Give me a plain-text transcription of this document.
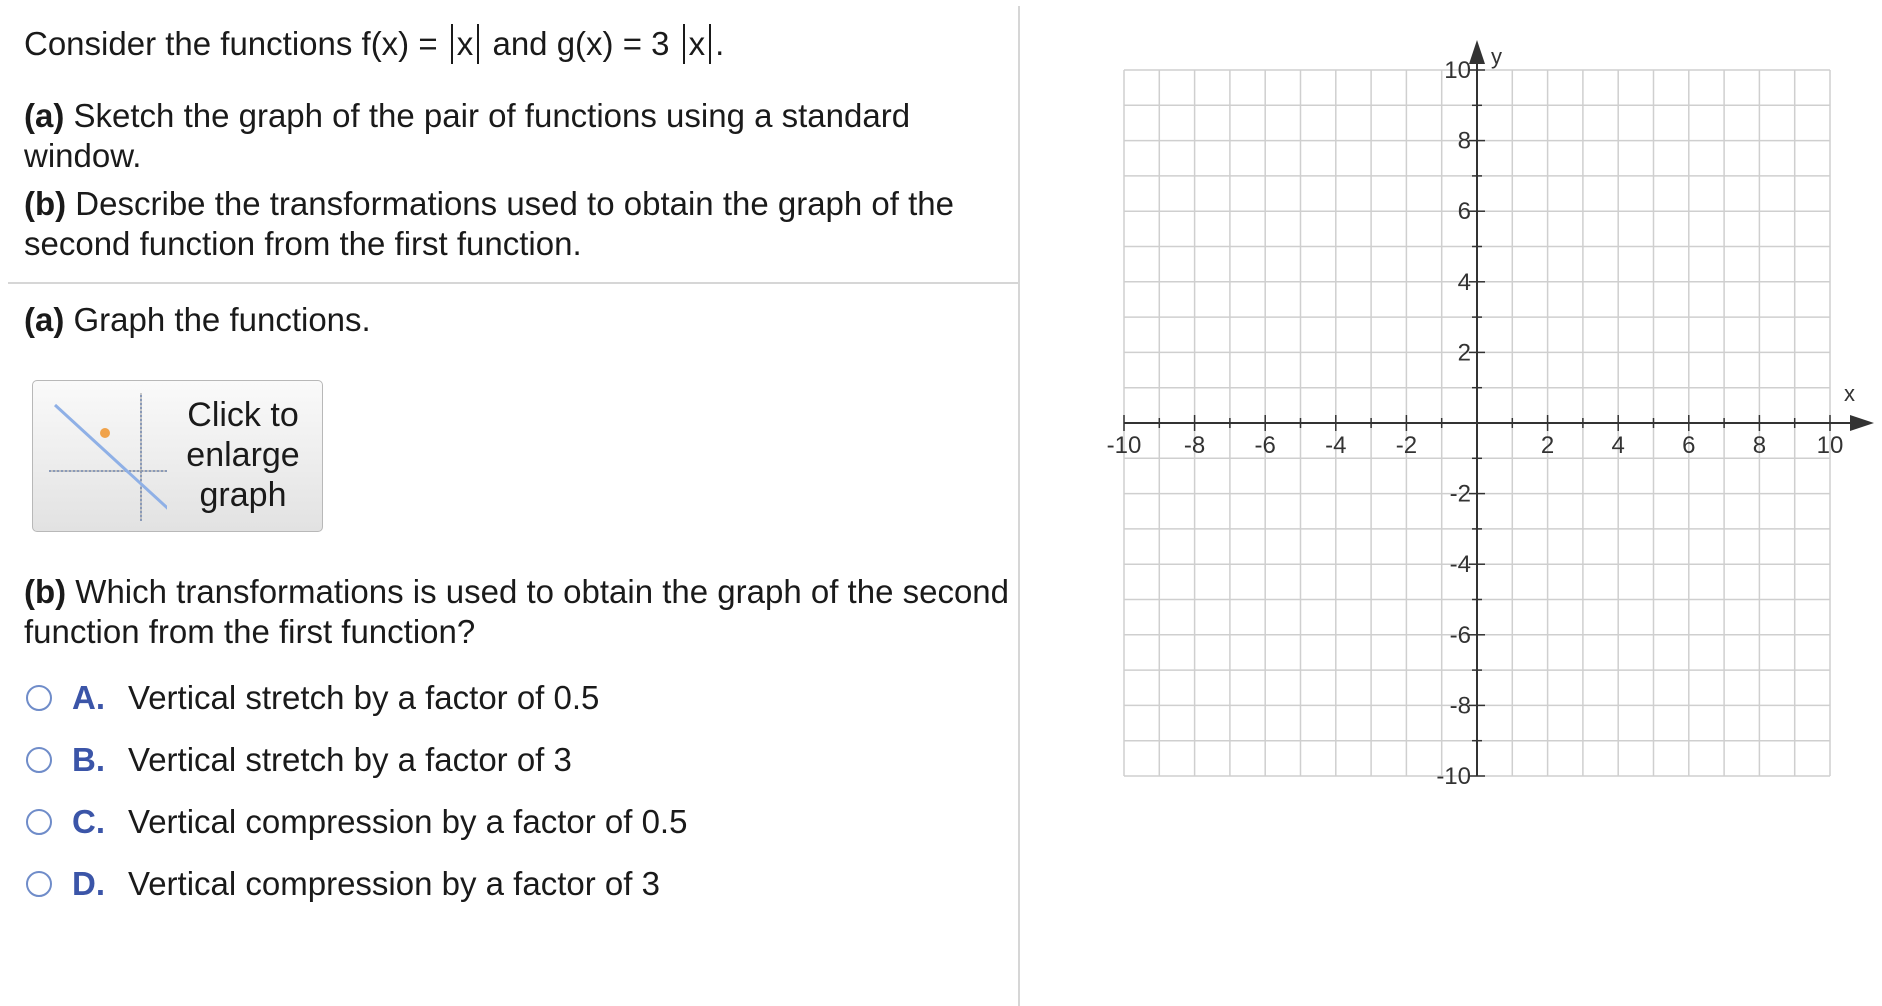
Consider the functions f(x) = x and g(x) = 3 x .

(a) Sketch the graph of the pair of functions using a standard window.

(b) Describe the transformations used to obtain the graph of the second function from the first function.

(a) Graph the functions.

Click to
enlarge
graph

(b) Which transformations is used to obtain the graph of the second function from the first function?

A. Vertical stretch by a factor of 0.5
B. Vertical stretch by a factor of 3
C. Vertical compression by a factor of 0.5
D. Vertical compression by a factor of 3
-10 -8 -6 -4 -2	2 4 6 8 10
10
8
6
4
2
-2
-4
-6
-8
-10
x
y
